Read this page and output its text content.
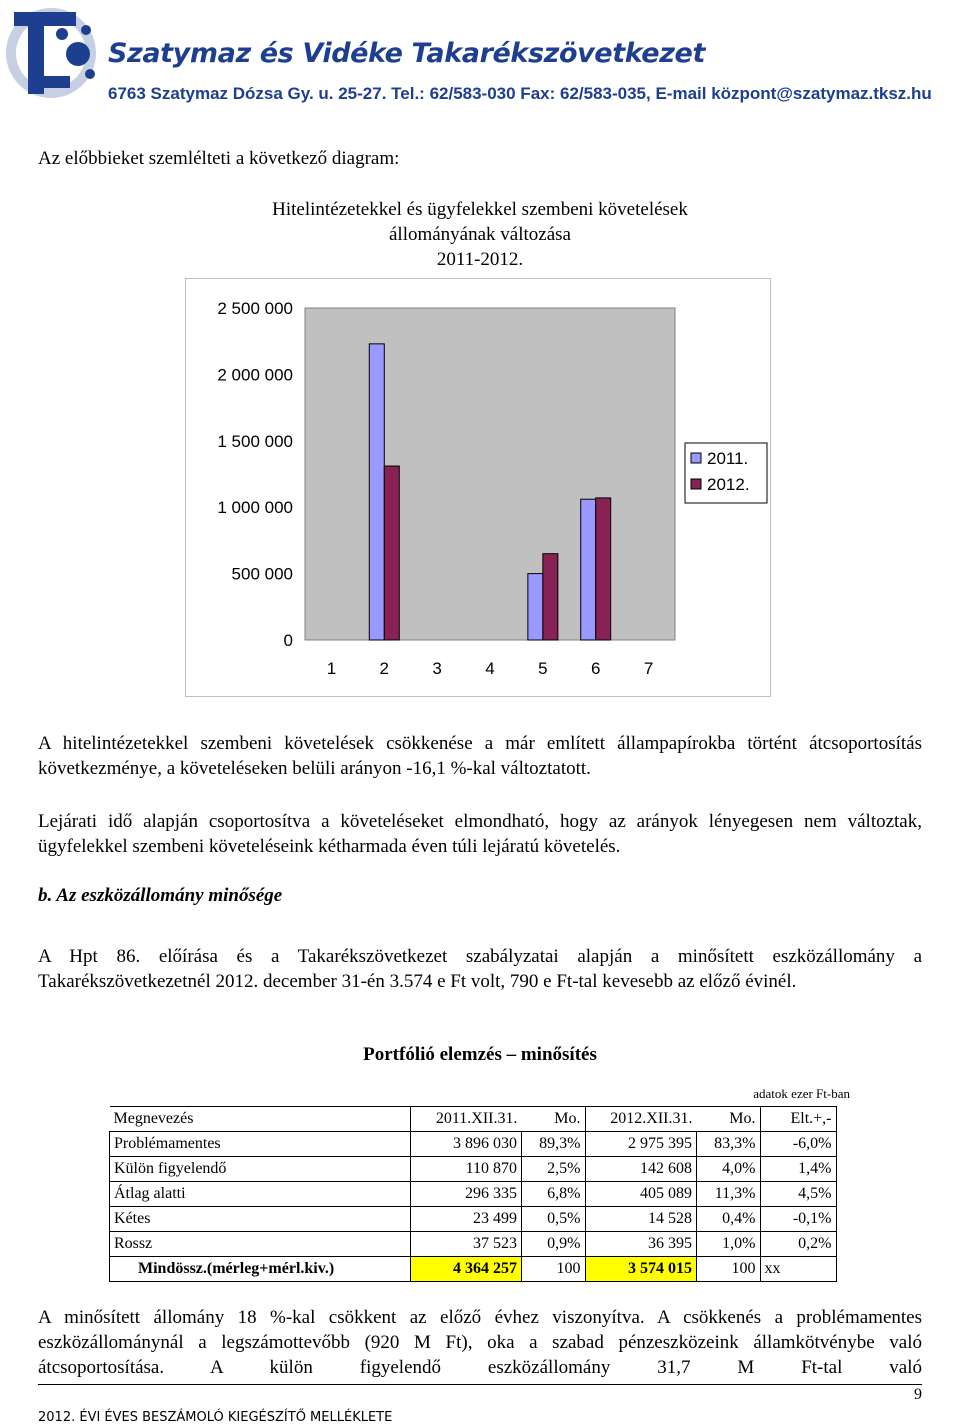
Szatymaz és Vidéke Takarékszövetkezet
6763 Szatymaz Dózsa Gy. u. 25-27. Tel.: 62/583-030 Fax: 62/583-035, E-mail központ@szatymaz.tksz.hu
Az előbbieket szemlélteti a következő diagram:
Hitelintézetekkel és ügyfelekkel szembeni követelések
állományának változása
2011-2012.
0
500 000
1 000 000
1 500 000
2 000 000
2 500 000
1	2	3	4	5	6	7
2011.
2012.
A hitelintézetekkel szembeni követelések csökkenése a már említett állampapírokba történt átcsoportosítás következménye, a követeléseken belüli arányon -16,1 %-kal változtatott.
Lejárati idő alapján csoportosítva a követeléseket elmondható, hogy az arányok lényegesen nem változtak, ügyfelekkel szembeni követeléseink kétharmada éven túli lejáratú követelés.
b. Az eszközállomány minősége
A Hpt 86. előírása és a Takarékszövetkezet szabályzatai alapján a minősített eszközállomány a Takarékszövetkezetnél 2012. december 31-én 3.574 e Ft volt, 790 e Ft-tal kevesebb az előző évinél.
Portfólió elemzés – minősítés
adatok ezer Ft-ban
Megnevezés	2011.XII.31.	Mo.	2012.XII.31.	Mo.	Elt.+,-
Problémamentes	3 896 030	89,3%	2 975 395	83,3%	-6,0%
Külön figyelendő	110 870	2,5%	142 608	4,0%	1,4%
Átlag alatti	296 335	6,8%	405 089	11,3%	4,5%
Kétes	23 499	0,5%	14 528	0,4%	-0,1%
Rossz	37 523	0,9%	36 395	1,0%	0,2%
Mindössz.(mérleg+mérl.kiv.)	4 364 257	100	3 574 015	100	xx
A minősített állomány 18 %-kal csökkent az előző évhez viszonyítva. A csökkenés a problémamentes eszközállománynál a legszámottevőbb (920 M Ft), oka a szabad pénzeszközeink államkötvénybe való átcsoportosítása. A külön figyelendő eszközállomány 31,7 M Ft-tal való
9
2012. ÉVI ÉVES BESZÁMOLÓ KIEGÉSZÍTŐ MELLÉKLETE
